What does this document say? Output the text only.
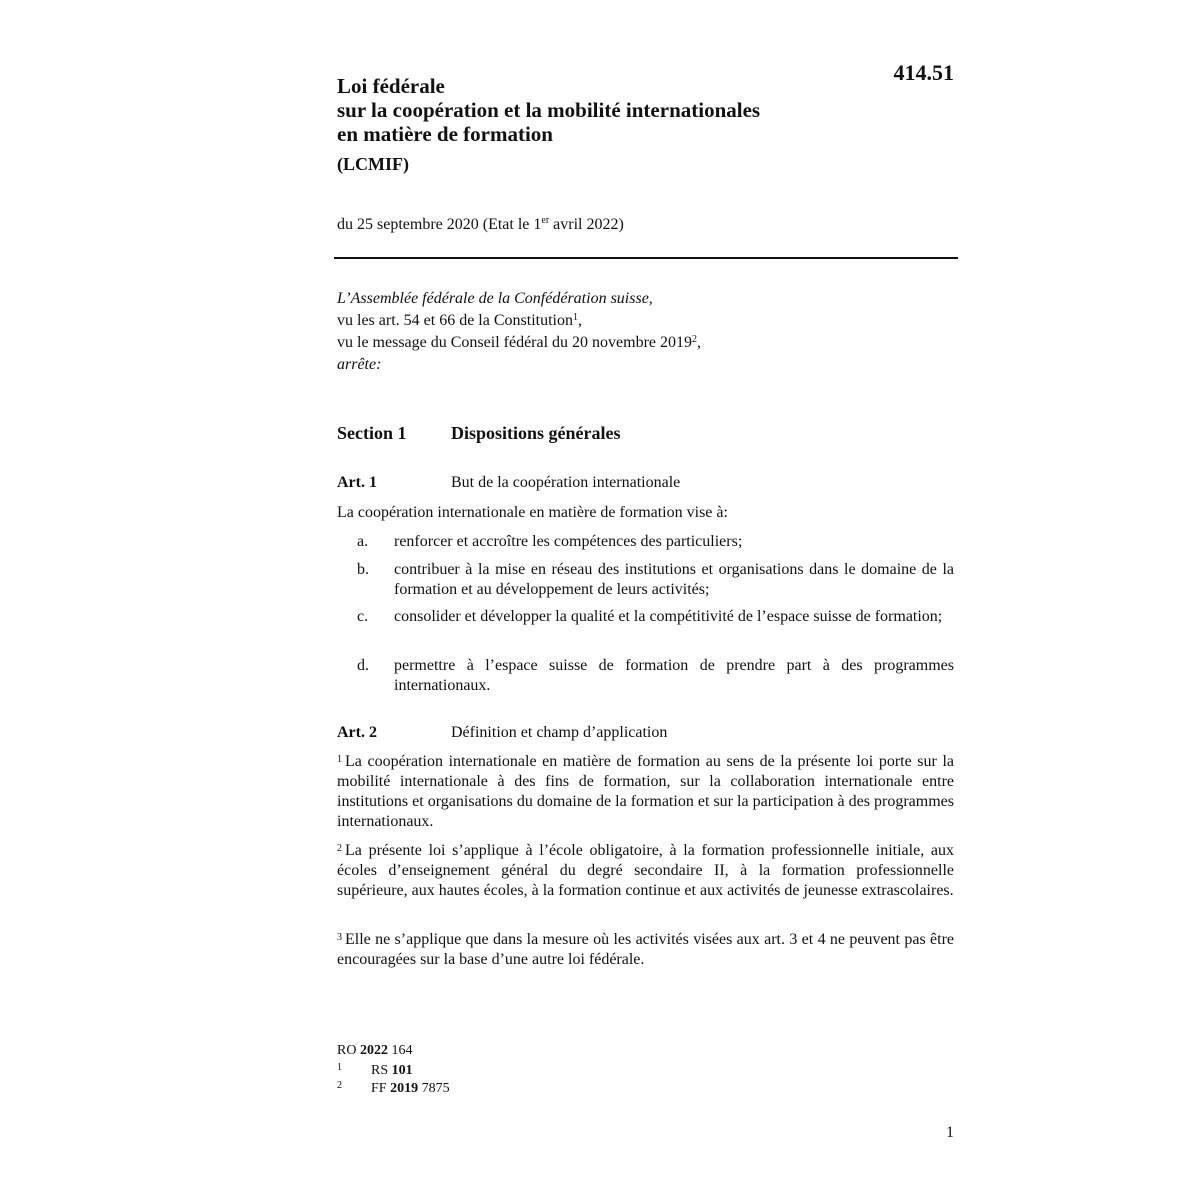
414.51
Loi fédérale
sur la coopération et la mobilité internationales
en matière de formation
(LCMIF)
du 25 septembre 2020 (Etat le 1er avril 2022)
L’Assemblée fédérale de la Confédération suisse,
vu les art. 54 et 66 de la Constitution$^1$,
vu le message du Conseil fédéral du 20 novembre 2019$^2$,
arrête:
Section 1 Dispositions générales
Art. 1	But de la coopération internationale
La coopération internationale en matière de formation vise à:
a. renforcer et accroître les compétences des particuliers;
b. contribuer à la mise en réseau des institutions et organisations dans le domaine de la formation et au développement de leurs activités;
c. consolider et développer la qualité et la compétitivité de l’espace suisse de formation;
d. permettre à l’espace suisse de formation de prendre part à des programmes internationaux.
Art. 2	Définition et champ d’application
$^1$ La coopération internationale en matière de formation au sens de la présente loi porte sur la mobilité internationale à des fins de formation, sur la collaboration internationale entre institutions et organisations du domaine de la formation et sur la participation à des programmes internationaux.
$^2$ La présente loi s’applique à l’école obligatoire, à la formation professionnelle initiale, aux écoles d’enseignement général du degré secondaire II, à la formation professionnelle supérieure, aux hautes écoles, à la formation continue et aux activités de jeunesse extrascolaires.
$^3$ Elle ne s’applique que dans la mesure où les activités visées aux art. 3 et 4 ne peuvent pas être encouragées sur la base d’une autre loi fédérale.
RO 2022 164
1 RS 101
2 FF 2019 7875
1
